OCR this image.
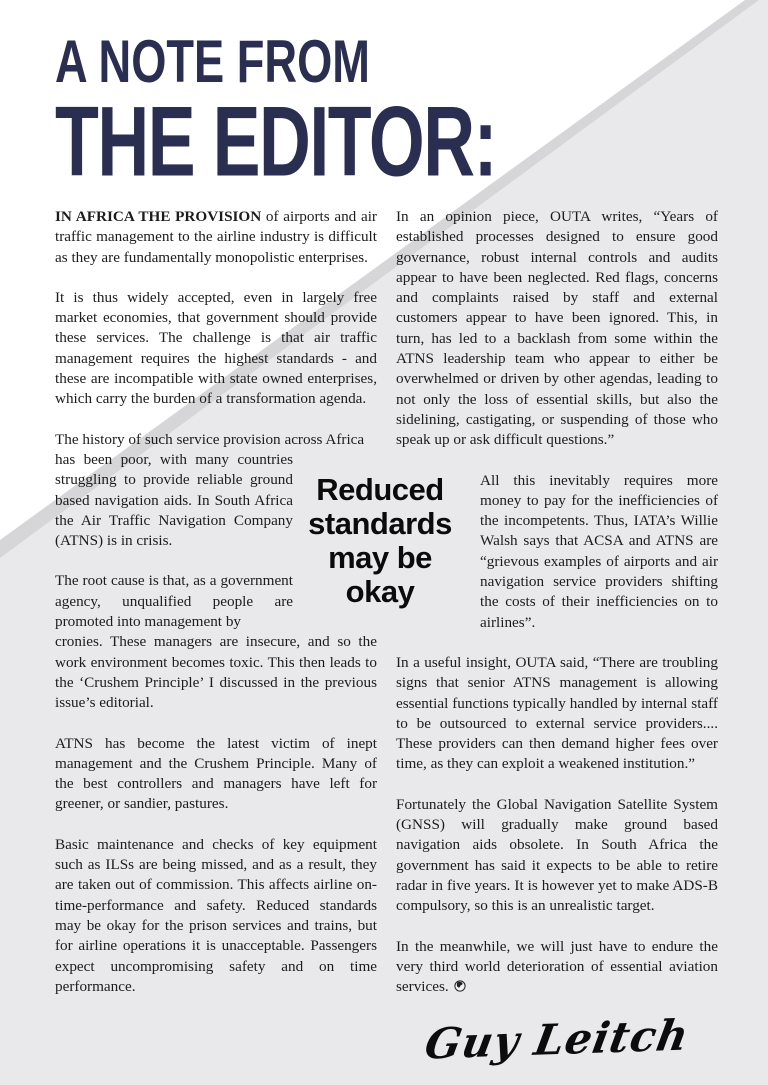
A NOTE FROM
THE EDITOR:

IN AFRICA THE PROVISION of airports and air traffic management to the airline industry is difficult as they are fundamentally monopolistic enterprises.

It is thus widely accepted, even in largely free market economies, that government should provide these services. The challenge is that air traffic management requires the highest standards - and these are incompatible with state owned enterprises, which carry the burden of a transformation agenda.

The history of such service provision across Africa

has been poor, with many countries struggling to provide reliable ground based navigation aids. In South Africa the Air Traffic Navigation Company (ATNS) is in crisis.

The root cause is that, as a government agency, unqualified people are promoted into management by

cronies. These managers are insecure, and so the work environment becomes toxic. This then leads to the ‘Crushem Principle’ I discussed in the previous issue’s editorial.

ATNS has become the latest victim of inept management and the Crushem Principle. Many of the best controllers and managers have left for greener, or sandier, pastures.

Basic maintenance and checks of key equipment such as ILSs are being missed, and as a result, they are taken out of commission. This affects airline on-time-performance and safety. Reduced standards may be okay for the prison services and trains, but for airline operations it is unacceptable. Passengers expect uncompromising safety and on time performance.

In an opinion piece, OUTA writes, “Years of established processes designed to ensure good governance, robust internal controls and audits appear to have been neglected. Red flags, concerns and complaints raised by staff and external customers appear to have been ignored. This, in turn, has led to a backlash from some within the ATNS leadership team who appear to either be overwhelmed or driven by other agendas, leading to not only the loss of essential skills, but also the sidelining, castigating, or suspending of those who speak up or ask difficult questions.”

All this inevitably requires more money to pay for the inefficiencies of the incompetents. Thus, IATA’s Willie Walsh says that ACSA and ATNS are “grievous examples of airports and air navigation service providers shifting the costs of their inefficiencies on to airlines”.

In a useful insight, OUTA said, “There are troubling signs that senior ATNS management is allowing essential functions typically handled by internal staff to be outsourced to external service providers.... These providers can then demand higher fees over time, as they can exploit a weakened institution.”

Fortunately the Global Navigation Satellite System (GNSS) will gradually make ground based navigation aids obsolete. In South Africa the government has said it expects to be able to retire radar in five years. It is however yet to make ADS-B compulsory, so this is an unrealistic target.

In the meanwhile, we will just have to endure the very third world deterioration of essential aviation services.

Guy Leitch
Reduced
standards
may be
okay
